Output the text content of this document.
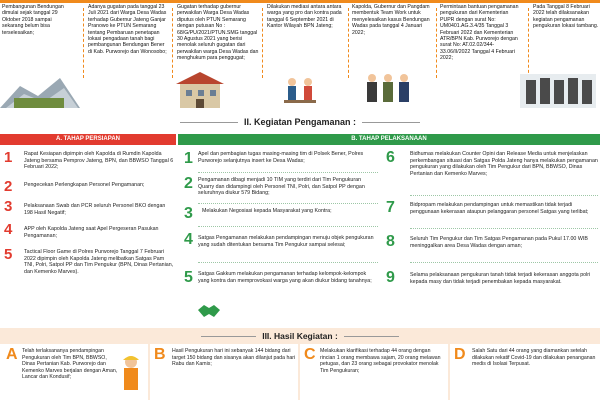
Pembangunan Bendungan dimulai sejak tanggal 29 Oktober 2018 sampai sekarang belum bisa terselesaikan;
Adanya gugatan pada tanggal 23 Juli 2021 dari Warga Desa Wadas terhadap Gubernur Jateng Ganjar Pranowo ke PTUN Semarang tentang Pembaruan penetapan lokasi pengadaan tanah bagi pembangunan Bendungan Bener di Kab. Purworejo dan Wonosobo;
Gugatan terhadap gubernur perwakilan Warga Desa Wadas diputus oleh PTUN Semarang dengan putusan No : 68/G/PU/2021/PTUN.SMG tanggal 30 Agustus 2021 yang berisi menolak seluruh gugatan dari perwakilan warga Desa Wadas dan menghukum para penggugat;
Dilakukan mediasi antara antara warga yang pro dan kontra pada tanggal 6 September 2021 di Kantor Wilayah BPN Jateng;
Kapolda, Gubernur dan Pangdam membentuk Team Work untuk menyelesaikan kasus Bendungan Wadas pada tanggal 4 Januari 2022;
Permintaan bantuan pengamanan pengukuran dari Kementerian PUPR dengan surat No: UM0401.AG.3.4/35 Tanggal 3 Februari 2022 dan Kementerian ATR/BPN Kab. Purworejo dengan surat No: AT.02.02/344-33.06/II/2022 Tanggal 4 Februari 2022;
Pada Tanggal 8 Februari 2022 telah dilaksanakan kegiatan pengamanan pengukuran lokasi tambang.
II. Kegiatan Pengamanan :
A. TAHAP PERSIAPAN	B. TAHAP PELAKSANAAN
1 Rapat Kesiapan dipimpin oleh Kapolda di Rumdin Kapolda Jateng bersama Pemprov Jateng, BPN, dan BBWSO Tanggal 6 Februari 2022;
2 Pengecekan Perlengkapan Personel Pengamanan;
3 Pelaksanaan Swab dan PCR seluruh Personel BKO dengan 198 Hasil Negatif;
4 APP oleh Kapolda Jateng saat Apel Pergeseran Pasukan Pengamanan;
5 Tactical Floor Game di Polres Purworejo Tanggal 7 Februari 2022 dipimpin oleh Kapolda Jateng melibatkan Satgas Pam TNI, Polri, Satpol PP dan Tim Pengukur (BPN, Dinas Pertanian, dan Kemenko Marves).
1 Apel dan pembagian tugas masing-masing tim di Polsek Bener, Polres Purworejo selanjutnya insert ke Desa Wadas;
2 Pengamanan dibagi menjadi 10 TIM yang terdiri dari Tim Pengukuran Quarry dan didampingi oleh Personel TNI, Polri, dan Satpol PP dengan seluruhnya diukur 579 Bidang;
3 Melakukan Negosiasi kepada Masyarakat yang Kontra;
4 Satgas Pengamanan melakukan pendampingan menuju objek pengukuran yang sudah ditentukan bersama Tim Pengukur sampai selesai;
5 Satgas Gakkum melakukan pengamanan terhadap kelompok-kelompok yang kontra dan memprovokasi warga yang akan diukur bidang tanahnya;
6	Bidhumas melakukan Counter Opini dan Release Media untuk menjelaskan perkembangan situasi dan Satgas Polda Jateng hanya melakukan pengamanan pengukuran yang dilakukan oleh Tim Pengukur dari BPN, BBWSO, Dinas Pertanian dan Kemenko Marves;
7	Bidpropam melakukan pendampingan untuk memastikan tidak terjadi penggunaan kekerasan ataupun pelanggaran personel Satgas yang terlibat;
8	Seluruh Tim Pengukur dan Tim Satgas Pengamanan pada Pukul 17.00 WIB meninggalkan area Desa Wadas dengan aman;
9	Selama pelaksanaan pengukuran tanah tidak terjadi kekerasan anggota polri kepada masy dan tidak terjadi penembakan kepada masyarakat.
III. Hasil Kegiatan :
A Telah terlaksananya pendampingan Pengukuran oleh Tim BPN, BBWSO, Dinas Pertanian Kab. Purworejo dan Kemenko Marves berjalan dengan Aman, Lancar dan Kondusif;
B Hasil Pengukuran hari ini sebanyak 144 bidang dari target 150 bidang dan sisanya akan dilanjut pada hari Rabu dan Kamis;
C Melakukan klarifikasi terhadap 44 orang dengan rincian 1 orang membawa sajam, 20 orang melawan petugas, dan 23 orang sebagai provokator menolak Tim Pengukuran;
D Salah Satu dari 44 orang yang diamankan setelah dilakukan rekatif Covid-19 dan dilakukan penanganan medis di Isolasi Terpusat.
